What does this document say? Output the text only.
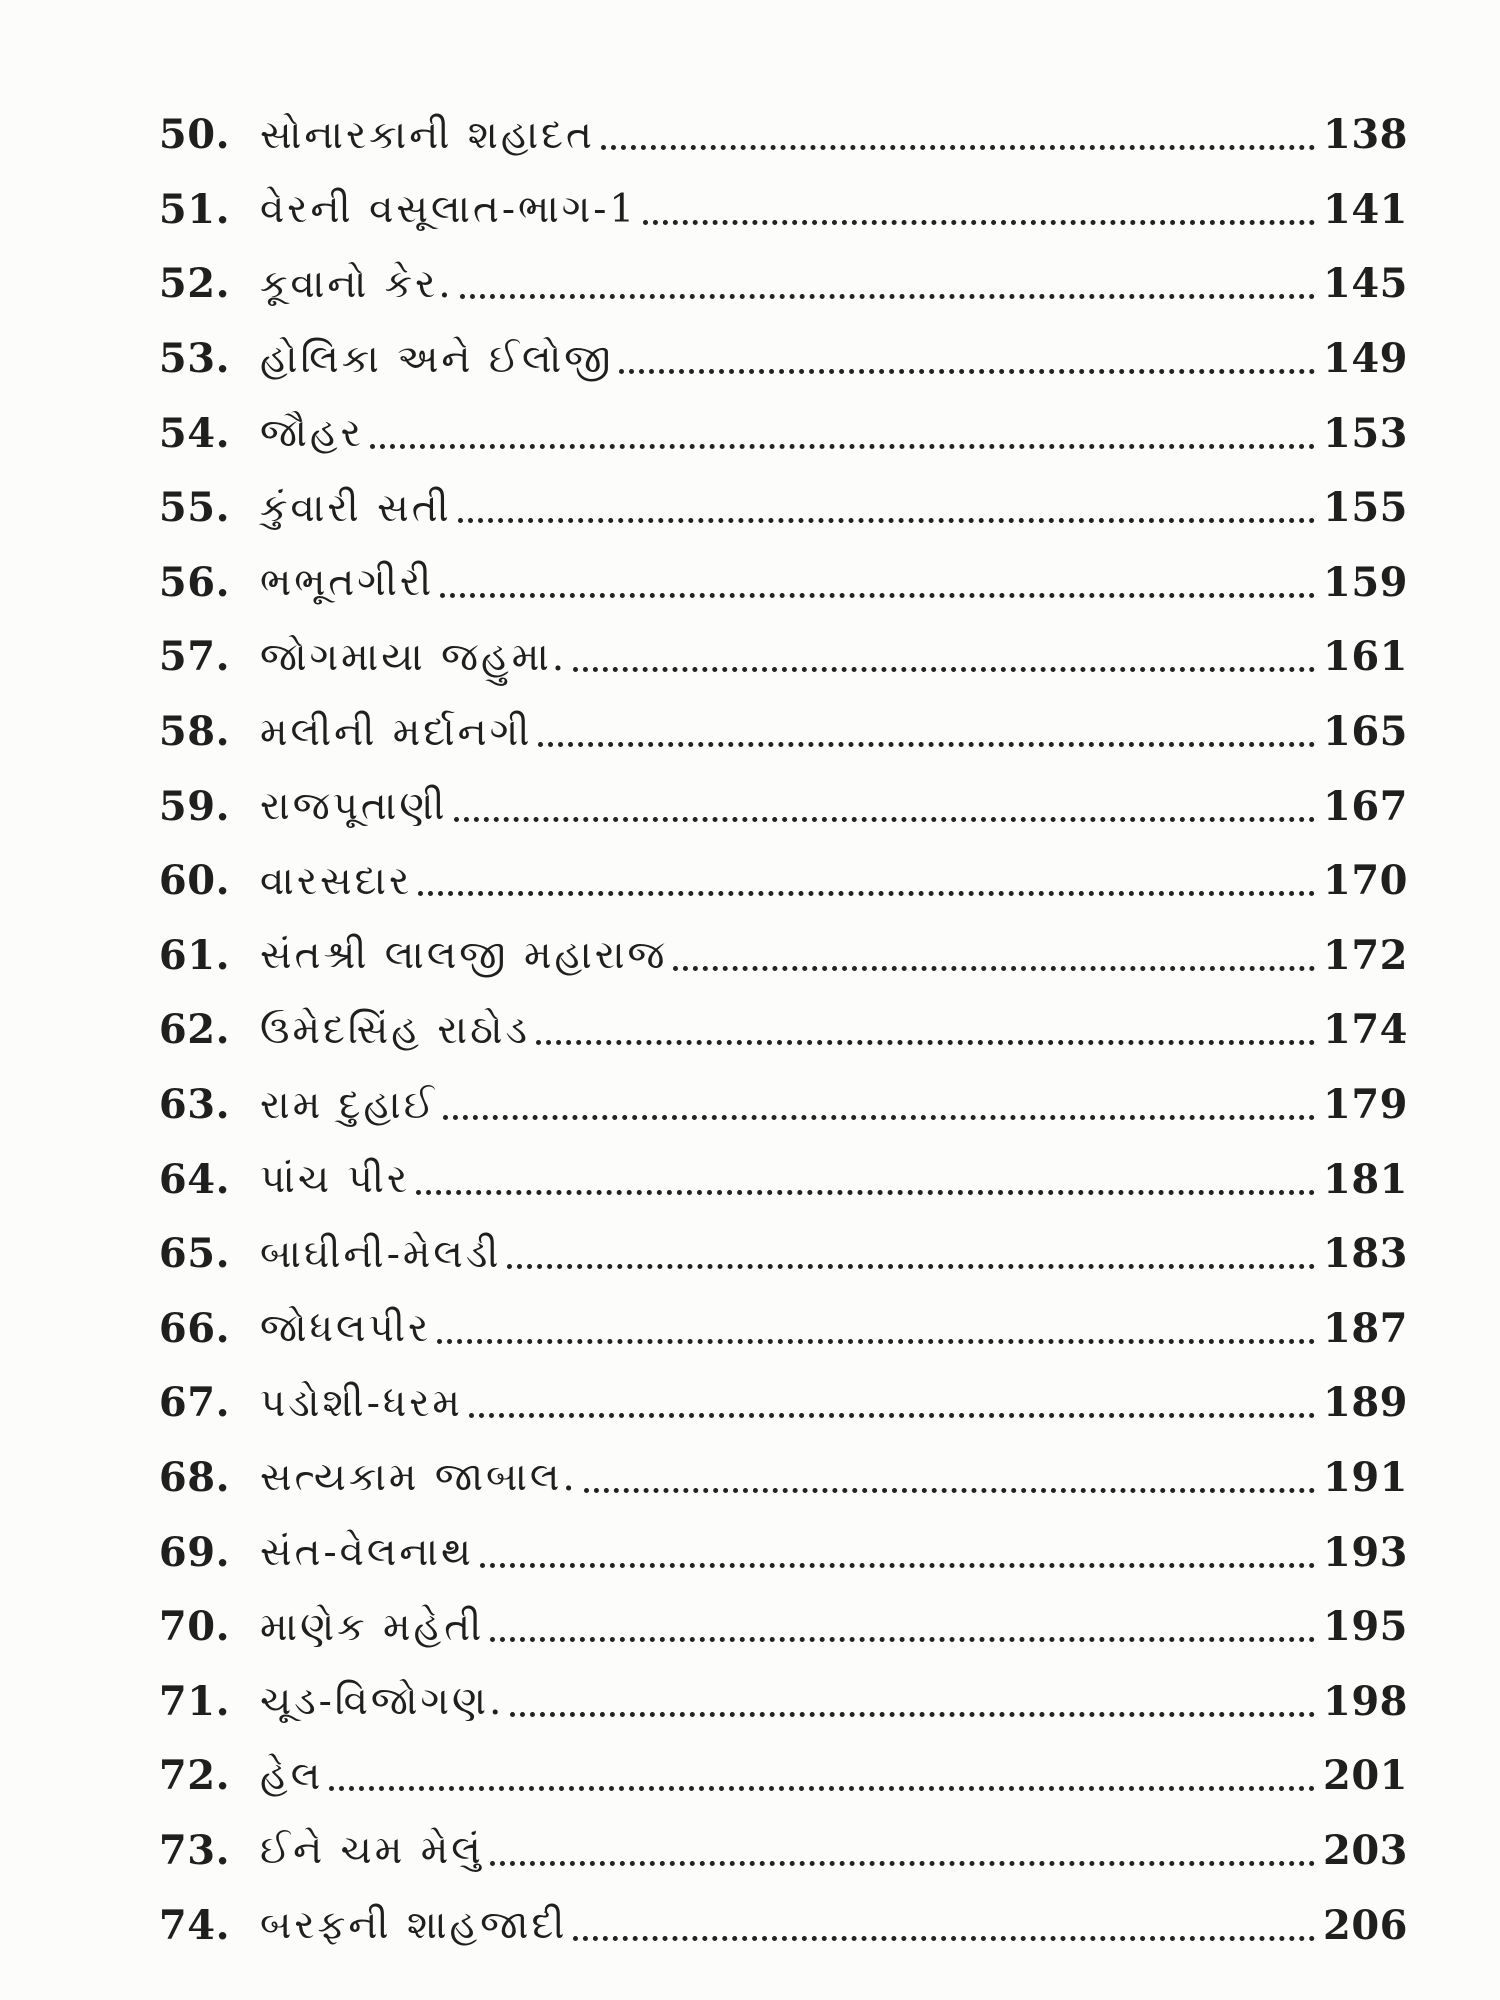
50. સોનારકાની શહાદત	138
51. વેરની વસૂલાત-ભાગ-1	141
52. કૂવાનો કેર.	145
53. હોલિકા અને ઈલોજી	149
54. જૌહર	153
55. કુંવારી સતી	155
56. ભભૂતગીરી	159
57. જોગમાયા જહુમા.	161
58. મલીની મર્દાનગી	165
59. રાજપૂતાણી	167
60. વારસદાર	170
61. સંતશ્રી લાલજી મહારાજ	172
62. ઉમેદસિંહ રાઠોડ	174
63. રામ દુહાઈ	179
64. પાંચ પીર	181
65. બાઘીની-મેલડી	183
66. જોધલપીર	187
67. પડોશી-ધરમ	189
68. સત્યકામ જાબાલ.	191
69. સંત-વેલનાથ	193
70. માણેક મહેતી	195
71. ચૂડ-વિજોગણ.	198
72. હેલ	201
73. ઈને ચમ મેલું	203
74. બરફની શાહજાદી	206
